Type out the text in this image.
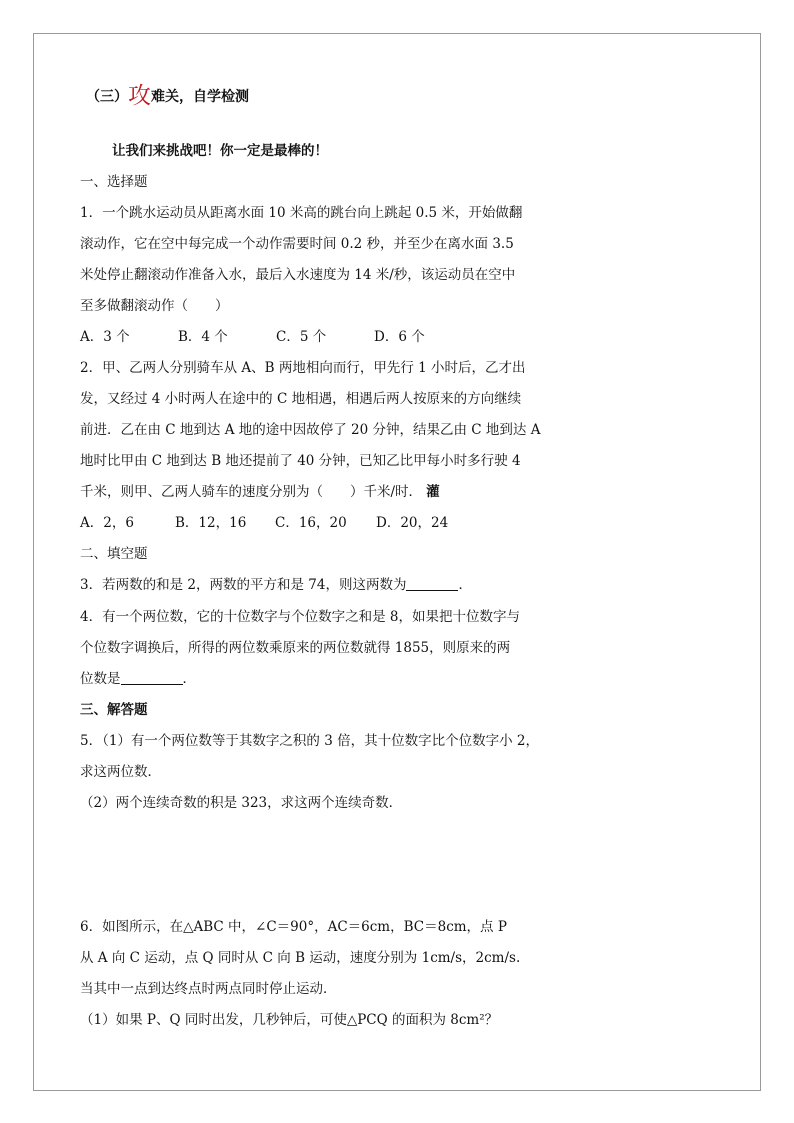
（三）攻难关，自学检测
让我们来挑战吧！你一定是最棒的！
一、选择题
1．一个跳水运动员从距离水面 10 米高的跳台向上跳起 0.5 米，开始做翻
滚动作，它在空中每完成一个动作需要时间 0.2 秒，并至少在离水面 3.5
米处停止翻滚动作准备入水，最后入水速度为 14 米/秒，该运动员在空中
至多做翻滚动作（　　）
A．3 个	B．4 个	C．5 个	D．6 个
2．甲、乙两人分别骑车从 A、B 两地相向而行，甲先行 1 小时后，乙才出
发，又经过 4 小时两人在途中的 C 地相遇，相遇后两人按原来的方向继续
前进．乙在由 C 地到达 A 地的途中因故停了 20 分钟，结果乙由 C 地到达 A
地时比甲由 C 地到达 B 地还提前了 40 分钟，已知乙比甲每小时多行驶 4
千米，则甲、乙两人骑车的速度分别为（　　）千米/时． 灌
A．2，6	B．12，16 C．16，20 D．20，24
二、填空题
3．若两数的和是 2，两数的平方和是 74，则这两数为	．
4．有一个两位数，它的十位数字与个位数字之和是 8，如果把十位数字与
个位数字调换后，所得的两位数乘原来的两位数就得 1855，则原来的两
位数是	．
三、解答题
5．（1）有一个两位数等于其数字之积的 3 倍，其十位数字比个位数字小 2，
求这两位数．
（2）两个连续奇数的积是 323，求这两个连续奇数．
6．如图所示，在△ABC 中，∠C＝90°，AC＝6cm，BC＝8cm，点 P
从 A 向 C 运动，点 Q 同时从 C 向 B 运动，速度分别为 1cm/s，2cm/s.
当其中一点到达终点时两点同时停止运动．
（1）如果 P、Q 同时出发，几秒钟后，可使△PCQ 的面积为 8cm²？
